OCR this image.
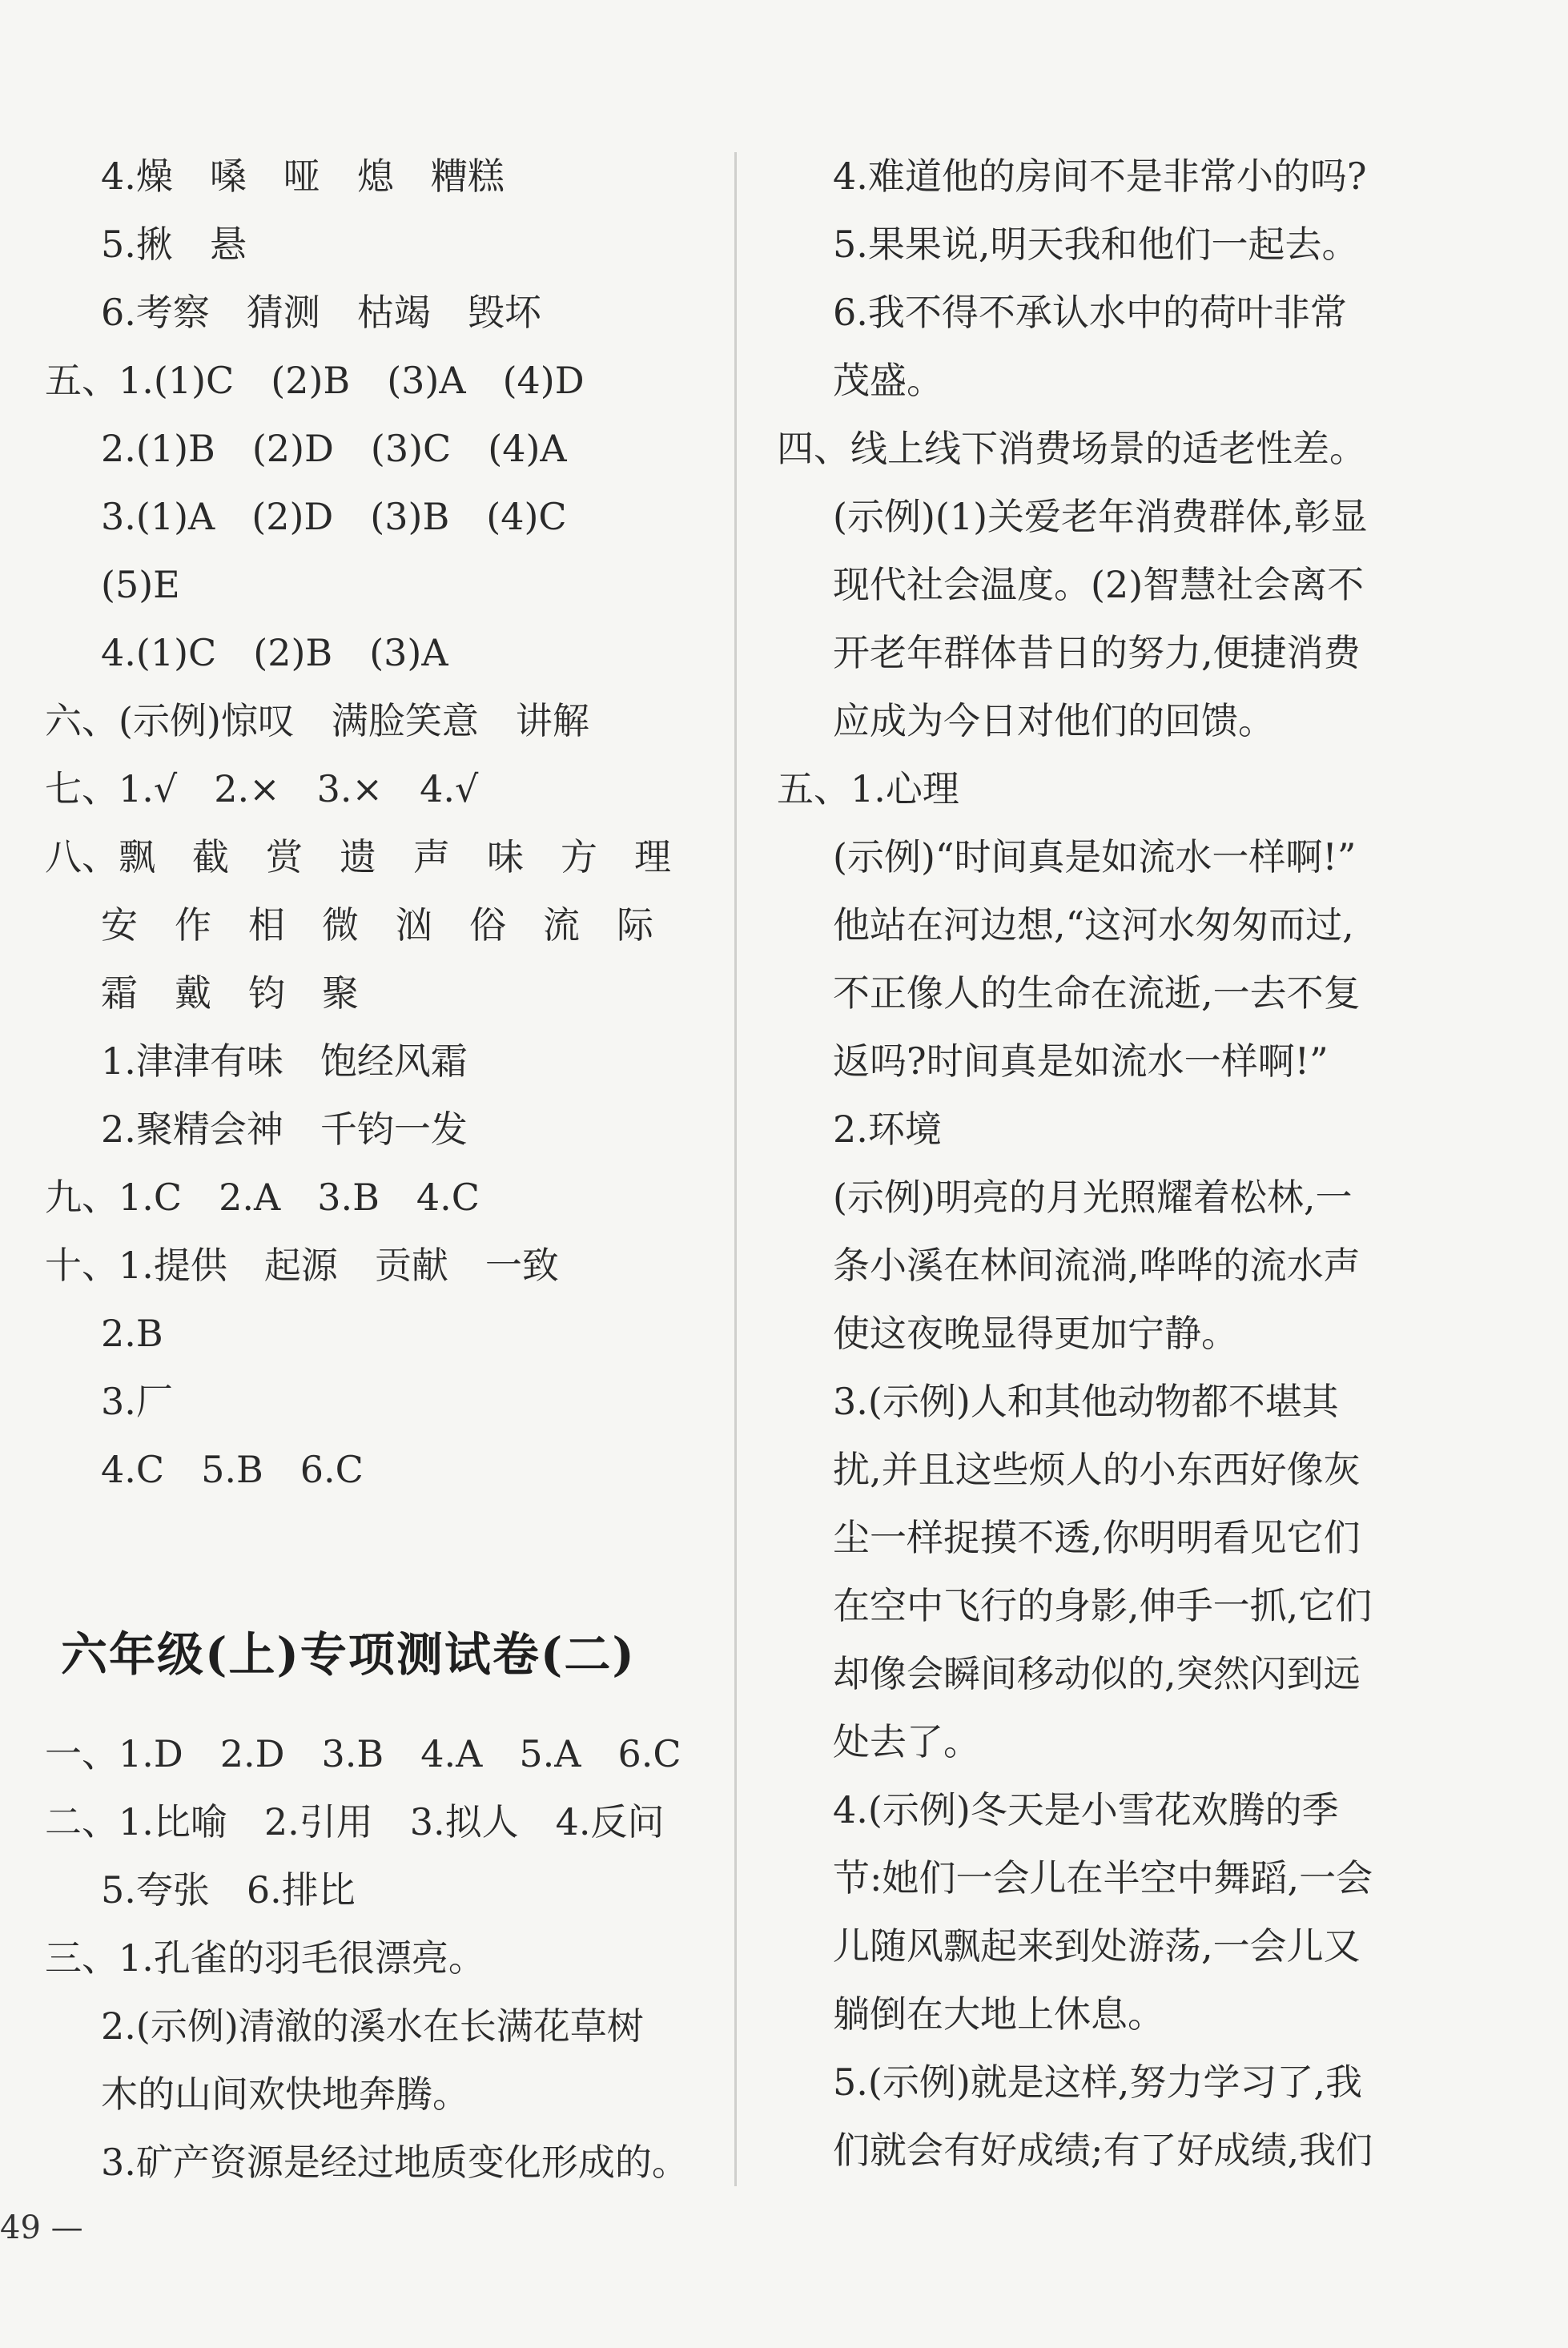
4.燥　嗓　哑　熄　糟糕
5.揪　悬
6.考察　猜测　枯竭　毁坏
五、1.(1)C　(2)B　(3)A　(4)D
2.(1)B　(2)D　(3)C　(4)A
3.(1)A　(2)D　(3)B　(4)C
(5)E
4.(1)C　(2)B　(3)A
六、(示例)惊叹　满脸笑意　讲解
七、1.√　2.×　3.×　4.√
八、飘　截　赏　遗　声　味　方　理
安　作　相　微　汹　俗　流　际
霜　戴　钧　聚
1.津津有味　饱经风霜
2.聚精会神　千钧一发
九、1.C　2.A　3.B　4.C
十、1.提供　起源　贡献　一致
2.B
3.厂
4.C　5.B　6.C
六年级(上)专项测试卷(二)
一、1.D　2.D　3.B　4.A　5.A　6.C
二、1.比喻　2.引用　3.拟人　4.反问
5.夸张　6.排比
三、1.孔雀的羽毛很漂亮。
2.(示例)清澈的溪水在长满花草树
木的山间欢快地奔腾。
3.矿产资源是经过地质变化形成的。
4.难道他的房间不是非常小的吗?
5.果果说,明天我和他们一起去。
6.我不得不承认水中的荷叶非常
茂盛。
四、线上线下消费场景的适老性差。
(示例)(1)关爱老年消费群体,彰显
现代社会温度。(2)智慧社会离不
开老年群体昔日的努力,便捷消费
应成为今日对他们的回馈。
五、1.心理
(示例)“时间真是如流水一样啊!”
他站在河边想,“这河水匆匆而过,
不正像人的生命在流逝,一去不复
返吗?时间真是如流水一样啊!”
2.环境
(示例)明亮的月光照耀着松林,一
条小溪在林间流淌,哗哗的流水声
使这夜晚显得更加宁静。
3.(示例)人和其他动物都不堪其
扰,并且这些烦人的小东西好像灰
尘一样捉摸不透,你明明看见它们
在空中飞行的身影,伸手一抓,它们
却像会瞬间移动似的,突然闪到远
处去了。
4.(示例)冬天是小雪花欢腾的季
节:她们一会儿在半空中舞蹈,一会
儿随风飘起来到处游荡,一会儿又
躺倒在大地上休息。
5.(示例)就是这样,努力学习了,我
们就会有好成绩;有了好成绩,我们
49 —
